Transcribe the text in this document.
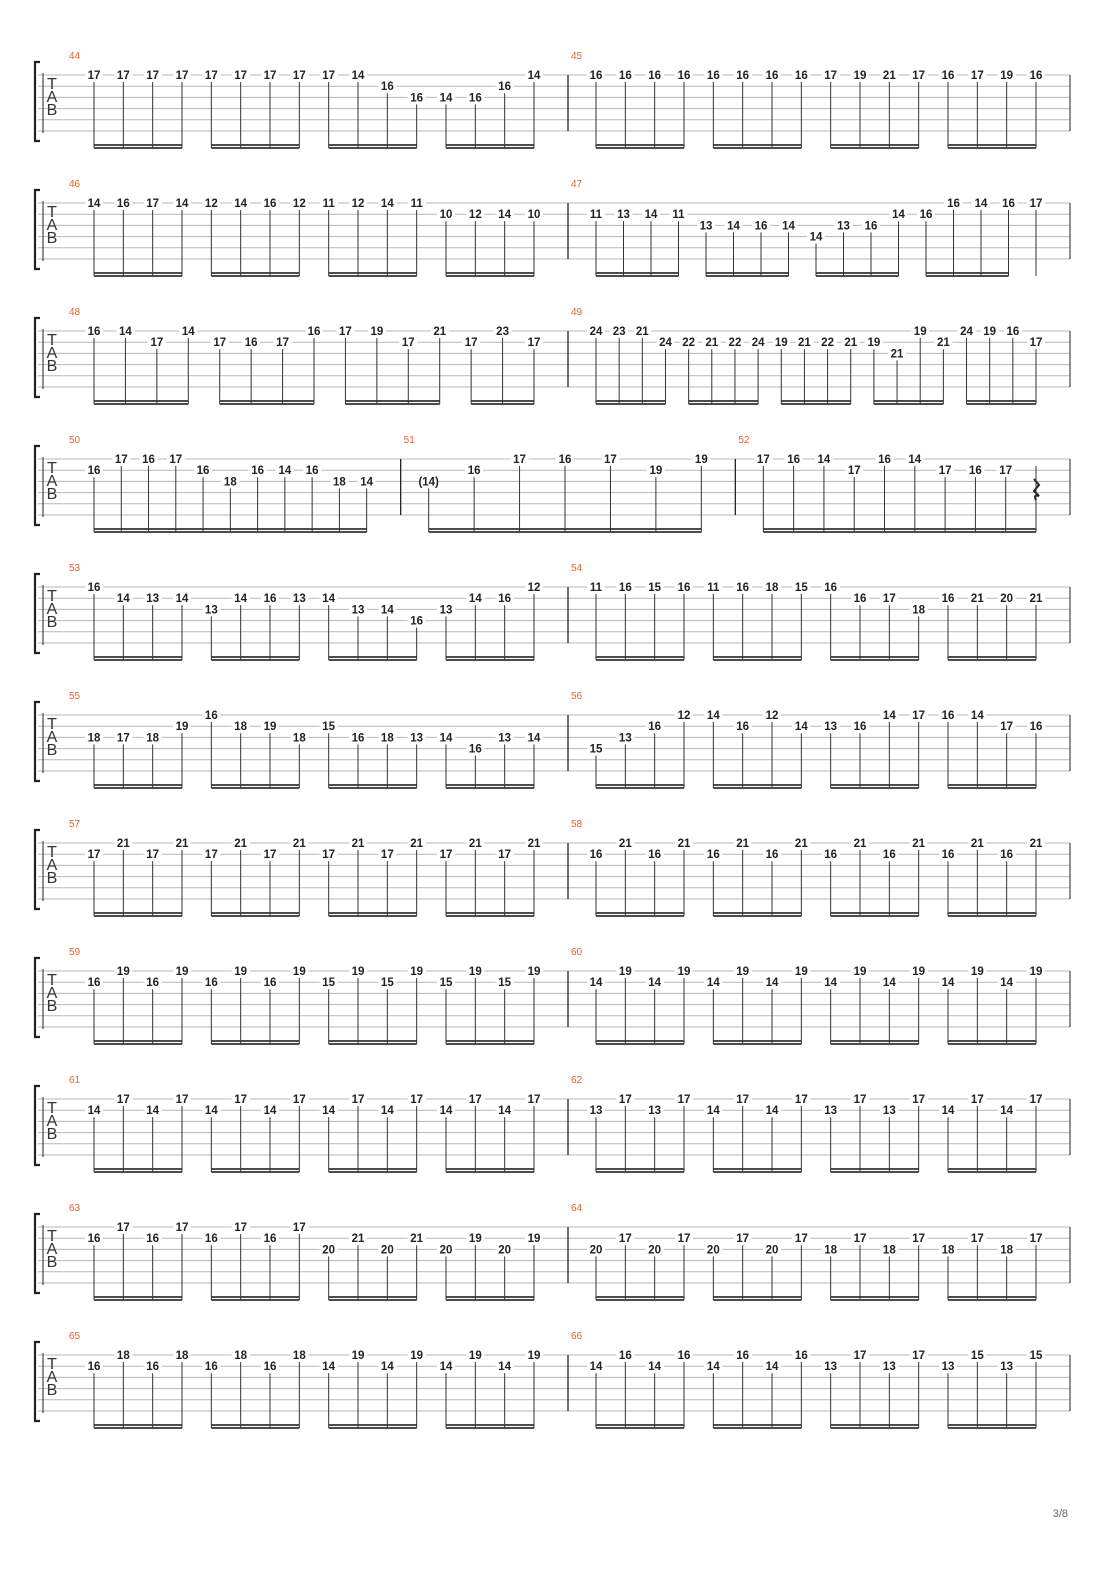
T
A
B
44
17 17 17 17 17 17 17 17 17 14
16
16 14 16
16
14
45
16 16 16 16 16 16 16 16 17 19 21 17 16 17 19 16
T
A
B
46
14 16 17 14 12 14 16 12 11 12 14 11
10 12 14 10
47
11 13 14 11
13 14 16 14
14
13 16
14 16
16 14 16 17
T
A
B
48
16 14
17
14
17 16 17
16 17 19
17
21
17
23
17
49
24 23 21
24 22 21 22 24 19 21 22 21 19
21
19
21
24 19 16
17
T
A
B
50
16
17 16 17
16
18
16 14 16
18 14
51
(14)
16
17	16	17
19
19
52
17 16 14
17
16 14
17 16 17
T
A
B
53
16
14 13 14
13
14 16 13 14
13 14
16
13
14 16
12
54
11 16 15 16 11 16 18 15 16
16 17
18
16 21 20 21
T
A
B
55
18 17 18
19
16
18 19
18
15
16 18 13 14
16
13 14
56
15
13
16
12 14
16
12
14 13 16
14 17 16 14
17 16
T
A
B
57
17
21
17
21
17
21
17
21
17
21
17
21
17
21
17
21
58
16
21
16
21
16
21
16
21
16
21
16
21
16
21
16
21
T
A
B
59
16
19
16
19
16
19
16
19
15
19
15
19
15
19
15
19
60
14
19
14
19
14
19
14
19
14
19
14
19
14
19
14
19
T
A
B
61
14
17
14
17
14
17
14
17
14
17
14
17
14
17
14
17
62
13
17
13
17
14
17
14
17
13
17
13
17
14
17
14
17
T
A
B
63
16
17
16
17
16
17
16
17
20
21
20
21
20
19
20
19
64
20
17
20
17
20
17
20
17
18
17
18
17
18
17
18
17
T
A
B
65
16
18
16
18
16
18
16
18
14
19
14
19
14
19
14
19
66
14
16
14
16
14
16
14
16
13
17
13
17
13
15
13
15
3/8
